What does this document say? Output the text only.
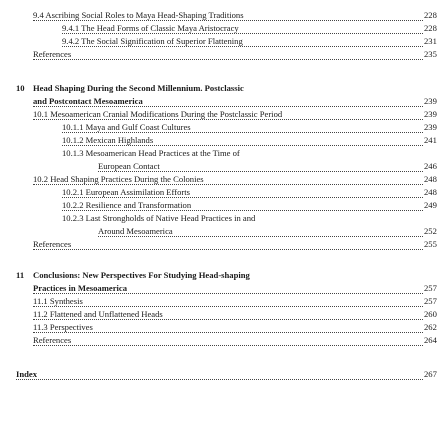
9.4 Ascribing Social Roles to Maya Head-Shaping Traditions	228
9.4.1 The Head Forms of Classic Maya Aristocracy	228
9.4.2 The Social Signification of Superior Flattening	231
References	235
10 Head Shaping During the Second Millennium. Postclassic
and Postcontact Mesoamerica	239
10.1 Mesoamerican Cranial Modifications During the Postclassic Period	239
10.1.1 Maya and Gulf Coast Cultures	239
10.1.2 Mexican Highlands	241
10.1.3 Mesoamerican Head Practices at the Time of
European Contact	246
10.2 Head Shaping Practices During the Colonies	248
10.2.1 European Assimilation Efforts	248
10.2.2 Resilience and Transformation	249
10.2.3 Last Strongholds of Native Head Practices in and
Around Mesoamerica	252
References	255
11 Conclusions: New Perspectives For Studying Head-shaping
Practices in Mesoamerica	257
11.1 Synthesis	257
11.2 Flattened and Unflattened Heads	260
11.3 Perspectives	262
References	264
Index	267
